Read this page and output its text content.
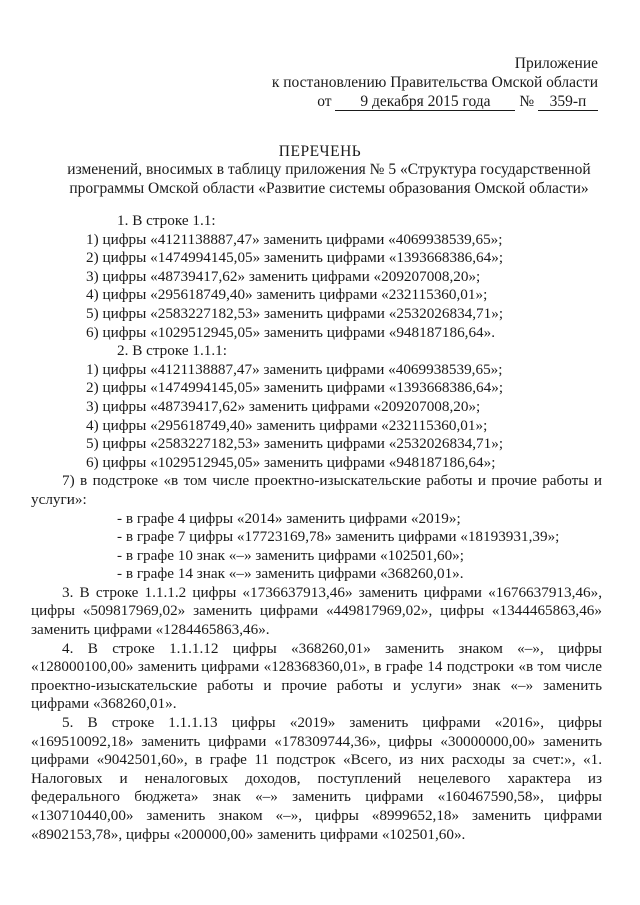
Приложение
к постановлению Правительства Омской области
от 9 декабря 2015 года № 359-п
ПЕРЕЧЕНЬ
изменений, вносимых в таблицу приложения № 5 «Структура государственной программы Омской области «Развитие системы образования Омской области»

1. В строке 1.1:

1) цифры «4121138887,47» заменить цифрами «4069938539,65»;

2) цифры «1474994145,05» заменить цифрами «1393668386,64»;

3) цифры «48739417,62» заменить цифрами «209207008,20»;

4) цифры «295618749,40» заменить цифрами «232115360,01»;

5) цифры «2583227182,53» заменить цифрами «2532026834,71»;

6) цифры «1029512945,05» заменить цифрами «948187186,64».

2. В строке 1.1.1:

1) цифры «4121138887,47» заменить цифрами «4069938539,65»;

2) цифры «1474994145,05» заменить цифрами «1393668386,64»;

3) цифры «48739417,62» заменить цифрами «209207008,20»;

4) цифры «295618749,40» заменить цифрами «232115360,01»;

5) цифры «2583227182,53» заменить цифрами «2532026834,71»;

6) цифры «1029512945,05» заменить цифрами «948187186,64»;

7) в подстроке «в том числе проектно-изыскательские работы и прочие работы и услуги»:

- в графе 4 цифры «2014» заменить цифрами «2019»;

- в графе 7 цифры «17723169,78» заменить цифрами «18193931,39»;

- в графе 10 знак «–» заменить цифрами «102501,60»;

- в графе 14 знак «–» заменить цифрами «368260,01».

3. В строке 1.1.1.2 цифры «1736637913,46» заменить цифрами «1676637913,46», цифры «509817969,02» заменить цифрами «449817969,02», цифры «1344465863,46» заменить цифрами «1284465863,46».

4. В строке 1.1.1.12 цифры «368260,01» заменить знаком «–», цифры «128000100,00» заменить цифрами «128368360,01», в графе 14 подстроки «в том числе проектно-изыскательские работы и прочие работы и услуги» знак «–» заменить цифрами «368260,01».

5. В строке 1.1.1.13 цифры «2019» заменить цифрами «2016», цифры «169510092,18» заменить цифрами «178309744,36», цифры «30000000,00» заменить цифрами «9042501,60», в графе 11 подстрок «Всего, из них расходы за счет:», «1. Налоговых и неналоговых доходов, поступлений нецелевого характера из федерального бюджета» знак «–» заменить цифрами «160467590,58», цифры «130710440,00» заменить знаком «–», цифры «8999652,18» заменить цифрами «8902153,78», цифры «200000,00» заменить цифрами «102501,60».
